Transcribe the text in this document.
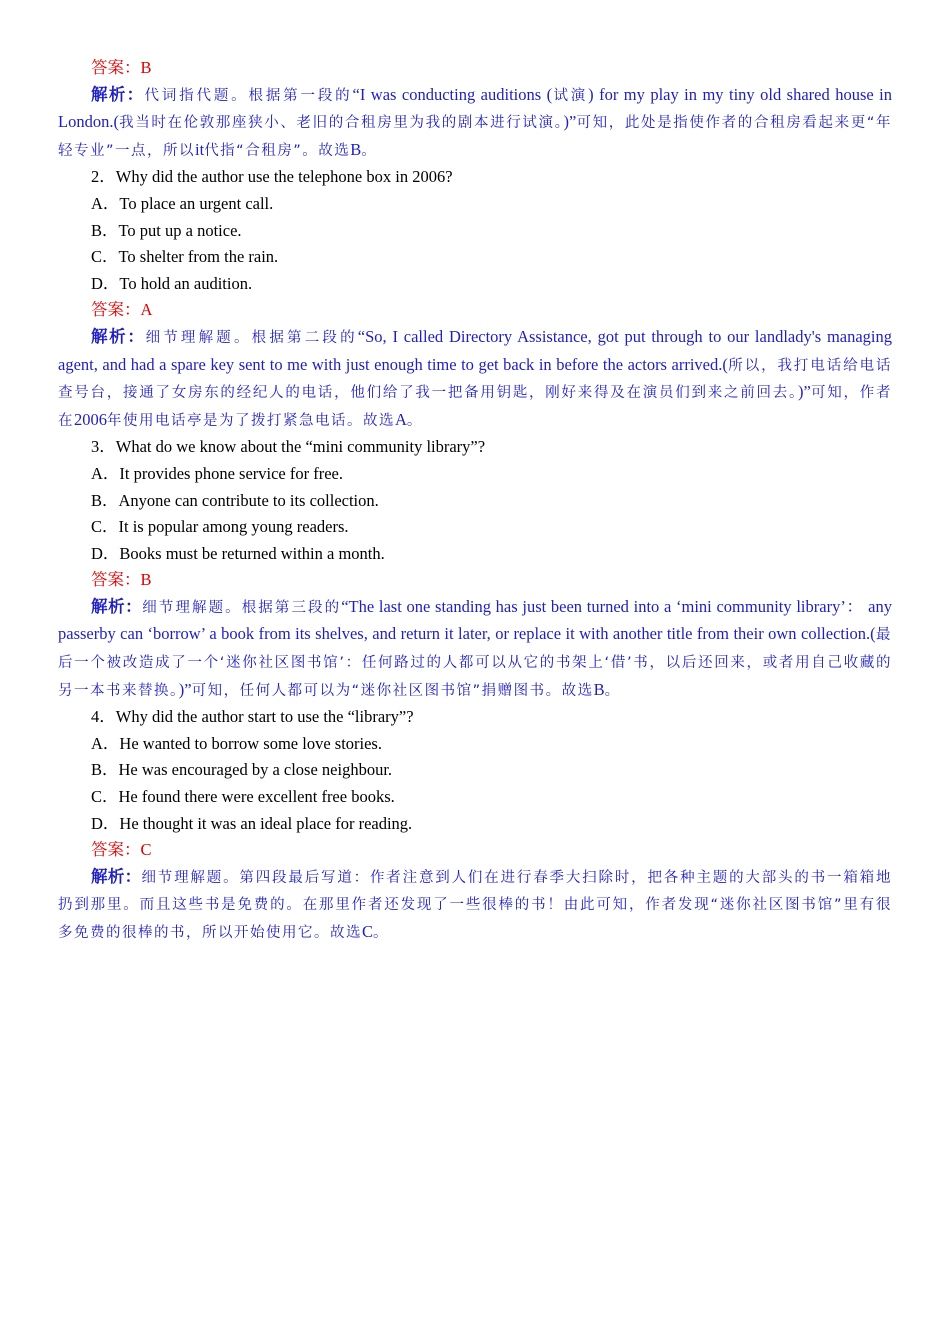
答案：B

解析：代词指代题。根据第一段的“I was conducting auditions (试演) for my play in my tiny old shared house in London.(我当时在伦敦那座狭小、老旧的合租房里为我的剧本进行试演。)”可知，此处是指使作者的合租房看起来更“年轻专业”一点，所以it代指“合租房”。故选B。

2．Why did the author use the telephone box in 2006?

A．To place an urgent call.

B．To put up a notice.

C．To shelter from the rain.

D．To hold an audition.

答案：A

解析：细节理解题。根据第二段的“So, I called Directory Assistance, got put through to our landlady's managing agent, and had a spare key sent to me with just enough time to get back in before the actors arrived.(所以，我打电话给电话查号台，接通了女房东的经纪人的电话，他们给了我一把备用钥匙，刚好来得及在演员们到来之前回去。)”可知，作者在2006年使用电话亭是为了拨打紧急电话。故选A。

3．What do we know about the “mini community library”?

A．It provides phone service for free.

B．Anyone can contribute to its collection.

C．It is popular among young readers.

D．Books must be returned within a month.

答案：B

解析：细节理解题。根据第三段的“The last one standing has just been turned into a ‘mini community library’： any passerby can ‘borrow’ a book from its shelves, and return it later, or replace it with another title from their own collection.(最后一个被改造成了一个‘迷你社区图书馆’：任何路过的人都可以从它的书架上‘借’书，以后还回来，或者用自己收藏的另一本书来替换。)”可知，任何人都可以为“迷你社区图书馆”捐赠图书。故选B。

4．Why did the author start to use the “library”?

A．He wanted to borrow some love stories.

B．He was encouraged by a close neighbour.

C．He found there were excellent free books.

D．He thought it was an ideal place for reading.

答案：C

解析：细节理解题。第四段最后写道：作者注意到人们在进行春季大扫除时，把各种主题的大部头的书一箱箱地扔到那里。而且这些书是免费的。在那里作者还发现了一些很棒的书！由此可知，作者发现“迷你社区图书馆”里有很多免费的很棒的书，所以开始使用它。故选C。
